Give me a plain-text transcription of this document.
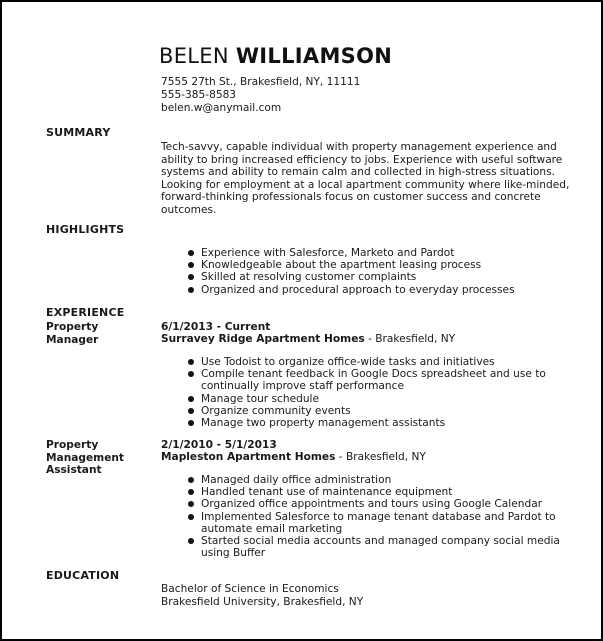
BELEN WILLIAMSON
7555 27th St., Brakesfield, NY, 11111
555-385-8583
belen.w@anymail.com
SUMMARY
Tech-savvy, capable individual with property management experience and ability to bring increased efficiency to jobs. Experience with useful software systems and ability to remain calm and collected in high-stress situations. Looking for employment at a local apartment community where like-minded, forward-thinking professionals focus on customer success and concrete outcomes.
HIGHLIGHTS
Experience with Salesforce, Marketo and Pardot
Knowledgeable about the apartment leasing process
Skilled at resolving customer complaints
Organized and procedural approach to everyday processes
EXPERIENCE
Property Manager
6/1/2013 - Current
Surravey Ridge Apartment Homes - Brakesfield, NY
Use Todoist to organize office-wide tasks and initiatives
Compile tenant feedback in Google Docs spreadsheet and use to continually improve staff performance
Manage tour schedule
Organize community events
Manage two property management assistants
Property Management Assistant
2/1/2010 - 5/1/2013
Mapleston Apartment Homes - Brakesfield, NY
Managed daily office administration
Handled tenant use of maintenance equipment
Organized office appointments and tours using Google Calendar
Implemented Salesforce to manage tenant database and Pardot to automate email marketing
Started social media accounts and managed company social media using Buffer
EDUCATION
Bachelor of Science in Economics
Brakesfield University, Brakesfield, NY
